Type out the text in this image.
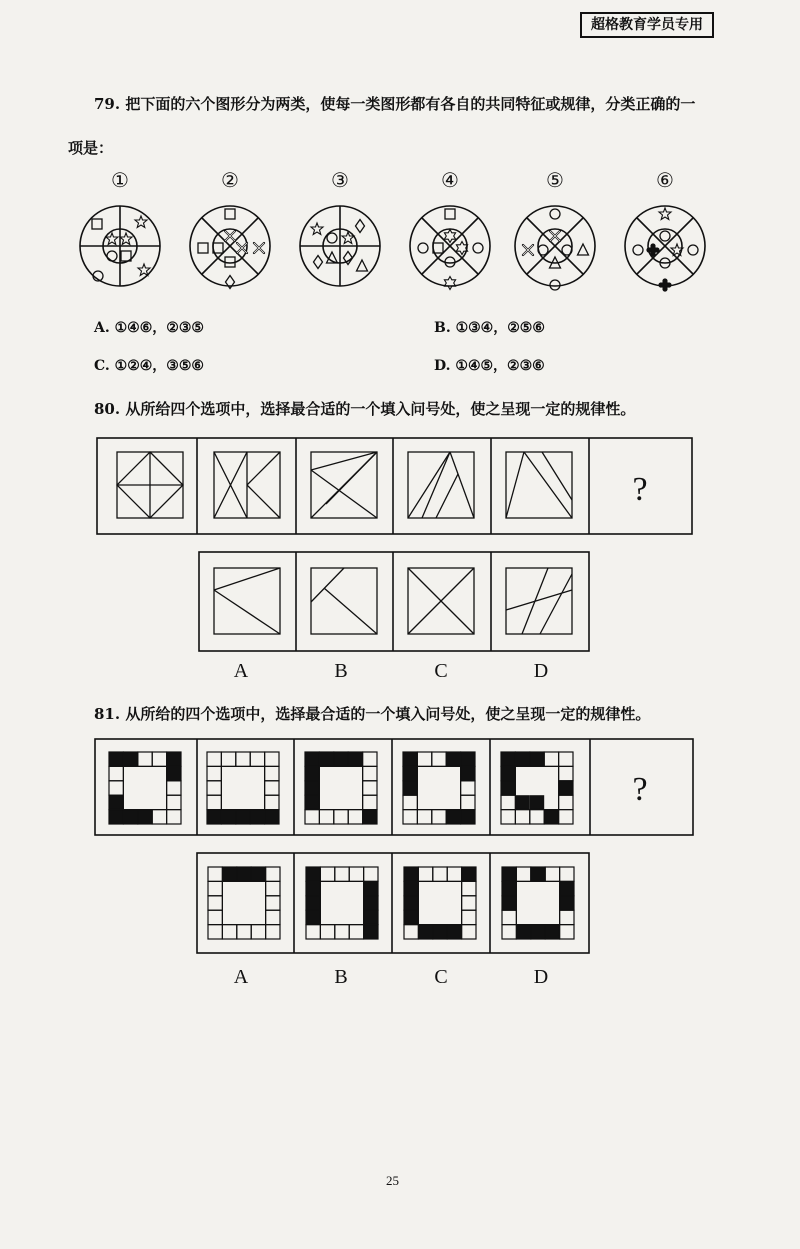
超格教育学员专用
79. 把下面的六个图形分为两类，使每一类图形都有各自的共同特征或规律，分类正确的一
项是：
①	②	③	④	⑤	⑥
A. ①④⑥，②③⑤	B. ①③④，②⑤⑥
C. ①②④，③⑤⑥	D. ①④⑤，②③⑥
80. 从所给四个选项中，选择最合适的一个填入问号处，使之呈现一定的规律性。
A	B	C	D
81. 从所给的四个选项中，选择最合适的一个填入问号处，使之呈现一定的规律性。
A	B	C	D
25
?
?
